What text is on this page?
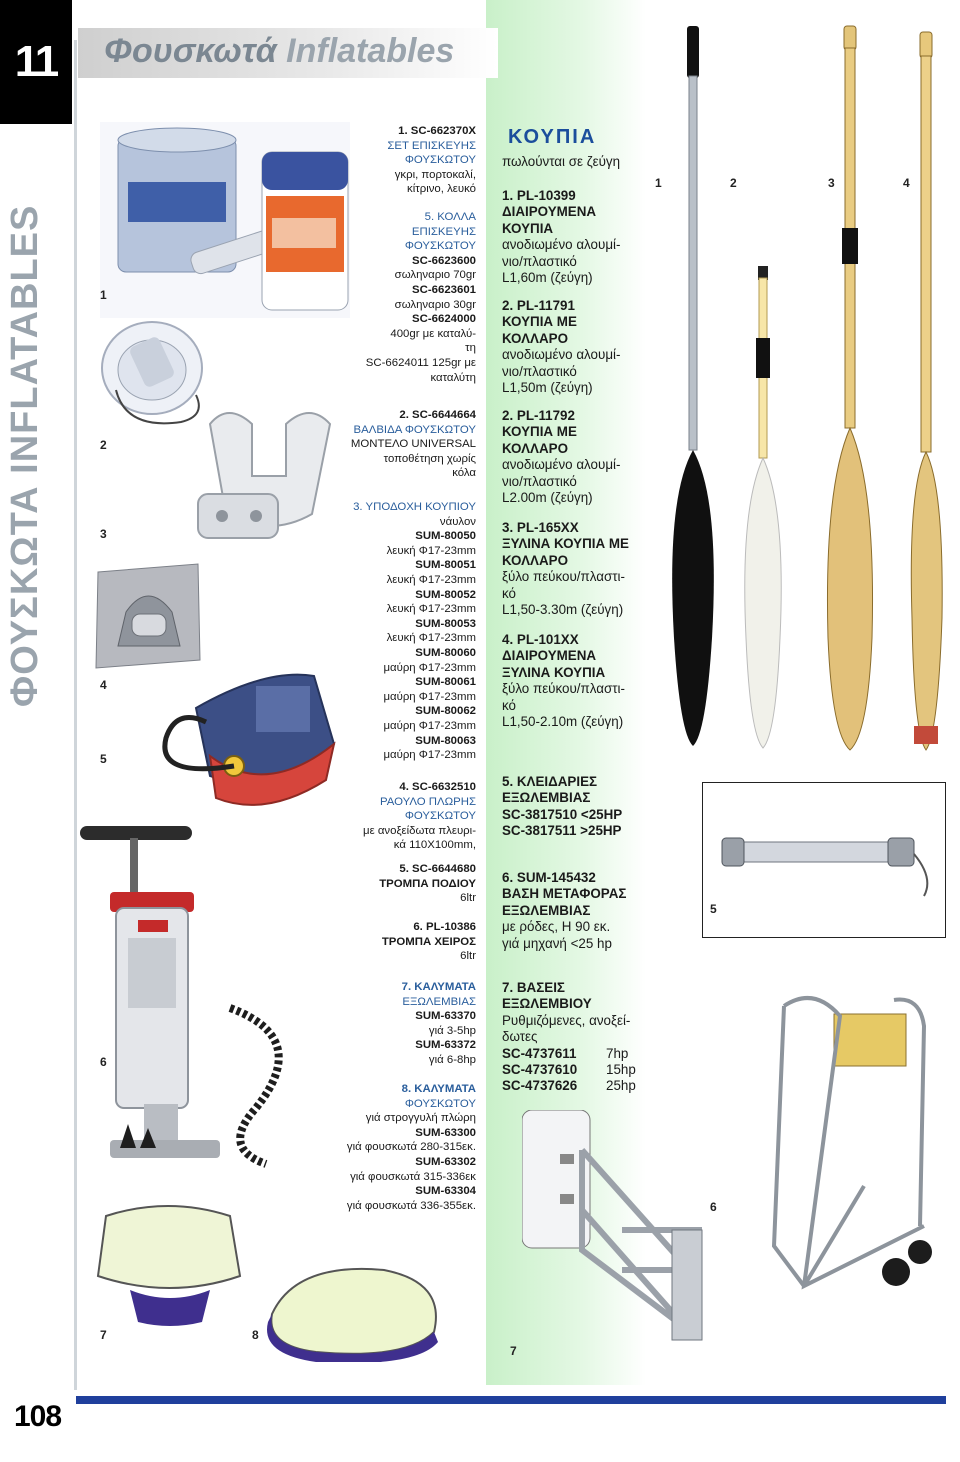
11 Φουσκωτά Inflatables
ΦΟΥΣΚΩΤΑ INFLATABLES	1
2
3
4
5
6
7	8
1. SC-662370X
ΣΕΤ ΕΠΙΣΚΕΥΗΣ
ΦΟΥΣΚΩΤΟΥ
γκρι, πορτοκαλί,
κίτρινο, λευκό
5. ΚΟΛΛΑ
ΕΠΙΣΚΕΥΗΣ
ΦΟΥΣΚΩΤΟΥ
SC-6623600
σωληναριο 70gr
SC-6623601
σωληναριο 30gr
SC-6624000
400gr με καταλύ-
τη
SC-6624011 125gr με
καταλύτη
2. SC-6644664
ΒΑΛΒΙΔΑ ΦΟΥΣΚΩΤΟΥ
ΜΟΝΤΕΛΟ UNIVERSAL
τοποθέτηση χωρίς
κόλα
3. ΥΠΟΔΟΧΗ ΚΟΥΠΙΟΥ
νάυλον
SUM-80050
λευκή Φ17-23mm
SUM-80051
λευκή Φ17-23mm
SUM-80052
λευκή Φ17-23mm
SUM-80053
λευκή Φ17-23mm
SUM-80060
μαύρη Φ17-23mm
SUM-80061
μαύρη Φ17-23mm
SUM-80062
μαύρη Φ17-23mm
SUM-80063
μαύρη Φ17-23mm
4. SC-6632510
ΡΑΟΥΛΟ ΠΛΩΡΗΣ
ΦΟΥΣΚΩΤΟΥ
με ανοξείδωτα πλευρι-
κά 110X100mm,
5. SC-6644680
ΤΡΟΜΠΑ ΠΟΔΙΟΥ
6ltr
6. PL-10386
ΤΡΟΜΠΑ ΧΕΙΡΟΣ
6ltr
7. ΚΑΛΥΜΑΤΑ
ΕΞΩΛΕΜΒΙΑΣ
SUM-63370
γιά 3-5hp
SUM-63372
γιά 6-8hp
8. ΚΑΛΥΜΑΤΑ
ΦΟΥΣΚΩΤΟΥ
γιά στρογγυλή πλώρη
SUM-63300
γιά φουσκωτά 280-315εκ.
SUM-63302
γιά φουσκωτά 315-336εκ
SUM-63304
γιά φουσκωτά 336-355εκ.
ΚΟΥΠΙΑ
πωλούνται σε ζεύγη
1. PL-10399
ΔΙΑΙΡΟΥΜΕΝΑ
ΚΟΥΠΙΑ
ανοδιωμένο αλουμί-
νιο/πλαστικό
L1,60m (ζεύγη)
2. PL-11791
ΚΟΥΠΙΑ ΜΕ
ΚΟΛΛΑΡΟ
ανοδιωμένο αλουμί-
νιο/πλαστικό
L1,50m (ζεύγη)
2. PL-11792
ΚΟΥΠΙΑ ΜΕ
ΚΟΛΛΑΡΟ
ανοδιωμένο αλουμί-
νιο/πλαστικό
L2.00m (ζεύγη)
3. PL-165XX
ΞΥΛΙΝΑ ΚΟΥΠΙΑ ΜΕ
ΚΟΛΛΑΡΟ
ξύλο πεύκου/πλαστι-
κό
L1,50-3.30m (ζεύγη)
4. PL-101XX
ΔΙΑΙΡΟΥΜΕΝΑ
ΞΥΛΙΝΑ ΚΟΥΠΙΑ
ξύλο πεύκου/πλαστι-
κό
L1,50-2.10m (ζεύγη)
5. ΚΛΕΙΔΑΡΙΕΣ
ΕΞΩΛΕΜΒΙΑΣ
SC-3817510 <25HP
SC-3817511 >25HP
6. SUM-145432
ΒΑΣΗ ΜΕΤΑΦΟΡΑΣ
ΕΞΩΛΕΜΒΙΑΣ
με ρόδες, Η 90 εκ.
γιά μηχανή <25 hp
7. ΒΑΣΕΙΣ
ΕΞΩΛΕΜΒΙΟΥ
Ρυθμιζόμενες, ανοξεί-
δωτες
SC-4737611	7hp
SC-4737610	15hp
SC-4737626	25hp
1	2	3	4
5
6
7
108
